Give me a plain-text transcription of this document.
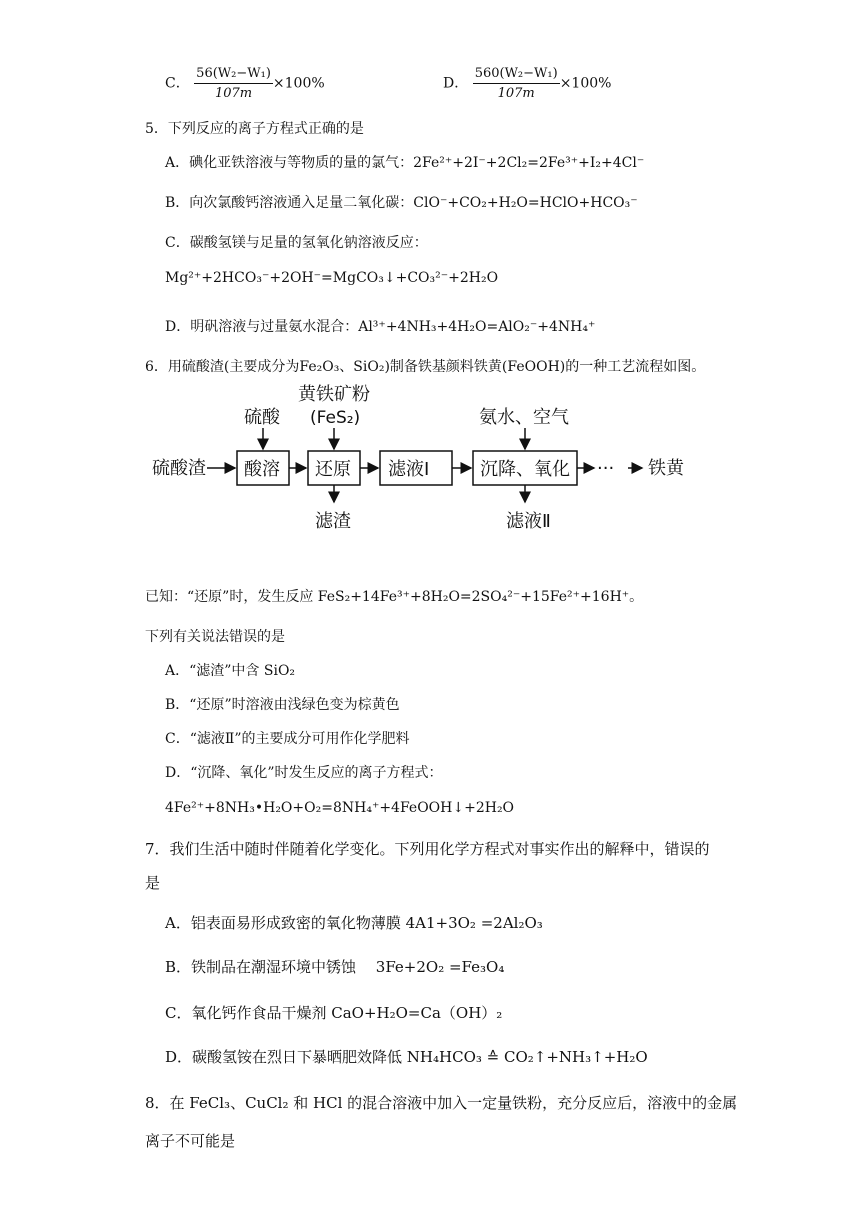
C． $\frac{\text{56(W₂−W₁)}}{107m} \times 100\%$	D． $\frac{\text{560(W₂−W₁)}}{107m} \times 100\%$
5．下列反应的离子方程式正确的是
A．碘化亚铁溶液与等物质的量的氯气：2Fe²⁺+2I⁻+2Cl₂=2Fe³⁺+I₂+4Cl⁻
B．向次氯酸钙溶液通入足量二氧化碳：ClO⁻+CO₂+H₂O=HClO+HCO₃⁻
C．碳酸氢镁与足量的氢氧化钠溶液反应：
Mg²⁺+2HCO₃⁻+2OH⁻=MgCO₃↓+CO₃²⁻+2H₂O
D．明矾溶液与过量氨水混合：Al³⁺+4NH₃+4H₂O=AlO₂⁻+4NH₄⁺
6．用硫酸渣(主要成分为Fe₂O₃、SiO₂)制备铁基颜料铁黄(FeOOH)的一种工艺流程如图。
硫酸渣 酸溶
硫酸
还原
黄铁矿粉
(FeS₂)
滤渣
滤液Ⅰ	沉降、氧化
氨水、空气
滤液Ⅱ
··· 铁黄
已知：“还原”时，发生反应 FeS₂+14Fe³⁺+8H₂O=2SO₄²⁻+15Fe²⁺+16H⁺。
下列有关说法错误的是
A．“滤渣”中含 SiO₂
B．“还原”时溶液由浅绿色变为棕黄色
C．“滤液Ⅱ”的主要成分可用作化学肥料
D．“沉降、氧化”时发生反应的离子方程式：
4Fe²⁺+8NH₃•H₂O+O₂=8NH₄⁺+4FeOOH↓+2H₂O
7．我们生活中随时伴随着化学变化。下列用化学方程式对事实作出的解释中，错误的
是
A．铝表面易形成致密的氧化物薄膜 4A1+3O₂ =2Al₂O₃
B．铁制品在潮湿环境中锈蚀　 3Fe+2O₂ =Fe₃O₄
C．氧化钙作食品干燥剂 CaO+H₂O=Ca（OH）₂
D．碳酸氢铵在烈日下暴晒肥效降低 NH₄HCO₃ ≙ CO₂↑+NH₃↑+H₂O
8．在 FeCl₃、CuCl₂ 和 HCl 的混合溶液中加入一定量铁粉，充分反应后，溶液中的金属
离子不可能是
